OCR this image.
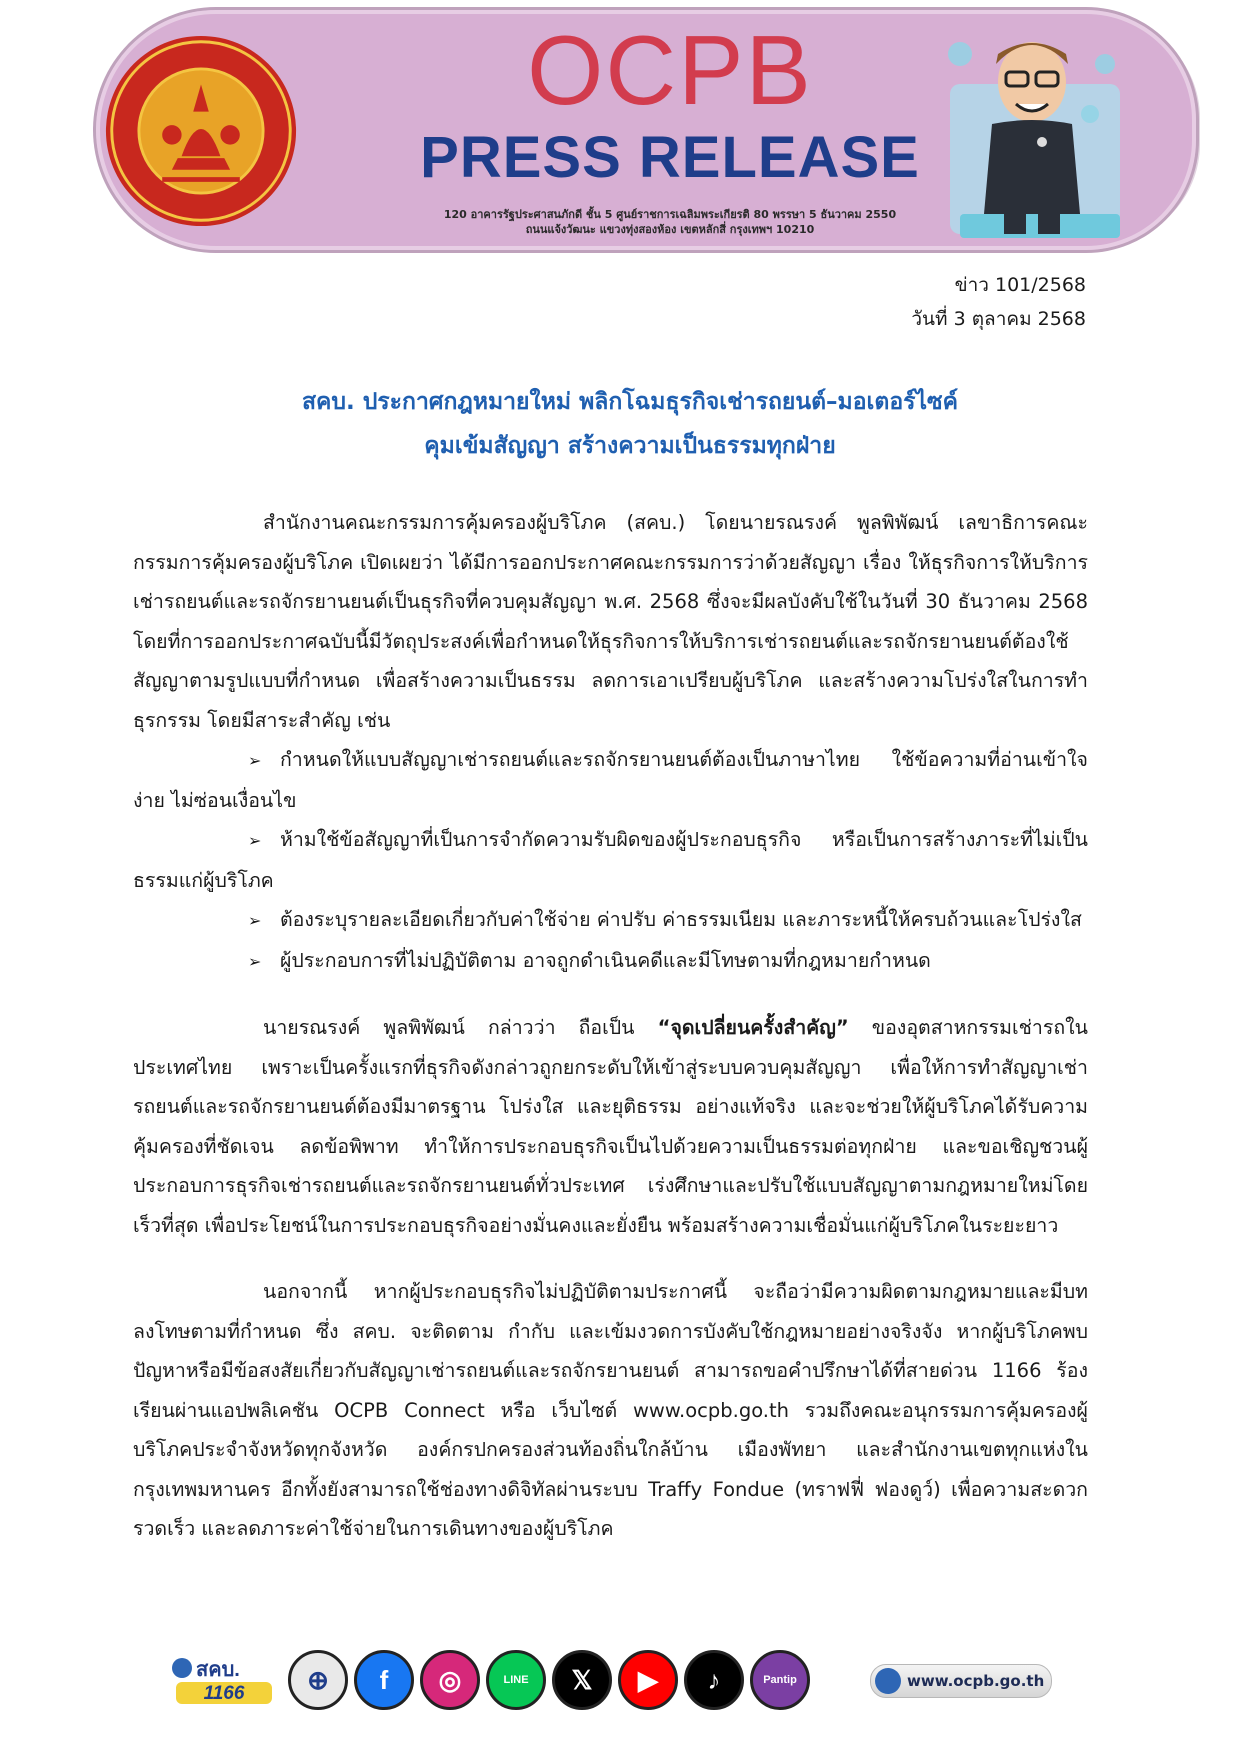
OCPB
PRESS RELEASE
120 อาคารรัฐประศาสนภักดี ชั้น 5 ศูนย์ราชการเฉลิมพระเกียรติ 80 พรรษา 5 ธันวาคม 2550
ถนนแจ้งวัฒนะ แขวงทุ่งสองห้อง เขตหลักสี่ กรุงเทพฯ 10210
ข่าว 101/2568
วันที่ 3 ตุลาคม 2568
สคบ. ประกาศกฎหมายใหม่ พลิกโฉมธุรกิจเช่ารถยนต์–มอเตอร์ไซค์
คุมเข้มสัญญา สร้างความเป็นธรรมทุกฝ่าย

สำนักงานคณะกรรมการคุ้มครองผู้บริโภค (สคบ.) โดยนายรณรงค์ พูลพิพัฒน์ เลขาธิการคณะกรรมการคุ้มครองผู้บริโภค เปิดเผยว่า ได้มีการออกประกาศคณะกรรมการว่าด้วยสัญญา เรื่อง ให้ธุรกิจการให้บริการเช่ารถยนต์และรถจักรยานยนต์เป็นธุรกิจที่ควบคุมสัญญา พ.ศ. 2568 ซึ่งจะมีผลบังคับใช้ในวันที่ 30 ธันวาคม 2568 โดยที่การออกประกาศฉบับนี้มีวัตถุประสงค์เพื่อกำหนดให้ธุรกิจการให้บริการเช่ารถยนต์และรถจักรยานยนต์ต้องใช้สัญญาตามรูปแบบที่กำหนด เพื่อสร้างความเป็นธรรม ลดการเอาเปรียบผู้บริโภค และสร้างความโปร่งใสในการทำธุรกรรม โดยมีสาระสำคัญ เช่น

➢ กำหนดให้แบบสัญญาเช่ารถยนต์และรถจักรยานยนต์ต้องเป็นภาษาไทย ใช้ข้อความที่อ่านเข้าใจง่าย ไม่ซ่อนเงื่อนไข
➢ ห้ามใช้ข้อสัญญาที่เป็นการจำกัดความรับผิดของผู้ประกอบธุรกิจ หรือเป็นการสร้างภาระที่ไม่เป็นธรรมแก่ผู้บริโภค
➢ ต้องระบุรายละเอียดเกี่ยวกับค่าใช้จ่าย ค่าปรับ ค่าธรรมเนียม และภาระหนี้ให้ครบถ้วนและโปร่งใส
➢ ผู้ประกอบการที่ไม่ปฏิบัติตาม อาจถูกดำเนินคดีและมีโทษตามที่กฎหมายกำหนด

นายรณรงค์ พูลพิพัฒน์ กล่าวว่า ถือเป็น “จุดเปลี่ยนครั้งสำคัญ” ของอุตสาหกรรมเช่ารถในประเทศไทย เพราะเป็นครั้งแรกที่ธุรกิจดังกล่าวถูกยกระดับให้เข้าสู่ระบบควบคุมสัญญา เพื่อให้การทำสัญญาเช่ารถยนต์และรถจักรยานยนต์ต้องมีมาตรฐาน โปร่งใส และยุติธรรม อย่างแท้จริง และจะช่วยให้ผู้บริโภคได้รับความคุ้มครองที่ชัดเจน ลดข้อพิพาท ทำให้การประกอบธุรกิจเป็นไปด้วยความเป็นธรรมต่อทุกฝ่าย และขอเชิญชวนผู้ประกอบการธุรกิจเช่ารถยนต์และรถจักรยานยนต์ทั่วประเทศ เร่งศึกษาและปรับใช้แบบสัญญาตามกฎหมายใหม่โดยเร็วที่สุด เพื่อประโยชน์ในการประกอบธุรกิจอย่างมั่นคงและยั่งยืน พร้อมสร้างความเชื่อมั่นแก่ผู้บริโภคในระยะยาว

นอกจากนี้ หากผู้ประกอบธุรกิจไม่ปฏิบัติตามประกาศนี้ จะถือว่ามีความผิดตามกฎหมายและมีบทลงโทษตามที่กำหนด ซึ่ง สคบ. จะติดตาม กำกับ และเข้มงวดการบังคับใช้กฎหมายอย่างจริงจัง หากผู้บริโภคพบปัญหาหรือมีข้อสงสัยเกี่ยวกับสัญญาเช่ารถยนต์และรถจักรยานยนต์ สามารถขอคำปรึกษาได้ที่สายด่วน 1166 ร้องเรียนผ่านแอปพลิเคชัน OCPB Connect หรือ เว็บไซต์ www.ocpb.go.th รวมถึงคณะอนุกรรมการคุ้มครองผู้บริโภคประจำจังหวัดทุกจังหวัด องค์กรปกครองส่วนท้องถิ่นใกล้บ้าน เมืองพัทยา และสำนักงานเขตทุกแห่งในกรุงเทพมหานคร อีกทั้งยังสามารถใช้ช่องทางดิจิทัลผ่านระบบ Traffy Fondue (ทราฟฟี่ ฟองดูว์) เพื่อความสะดวก รวดเร็ว และลดภาระค่าใช้จ่ายในการเดินทางของผู้บริโภค

สคบ.
1166	⊕	f	◎	LINE	𝕏	▶	♪	Pantip	www.ocpb.go.th
